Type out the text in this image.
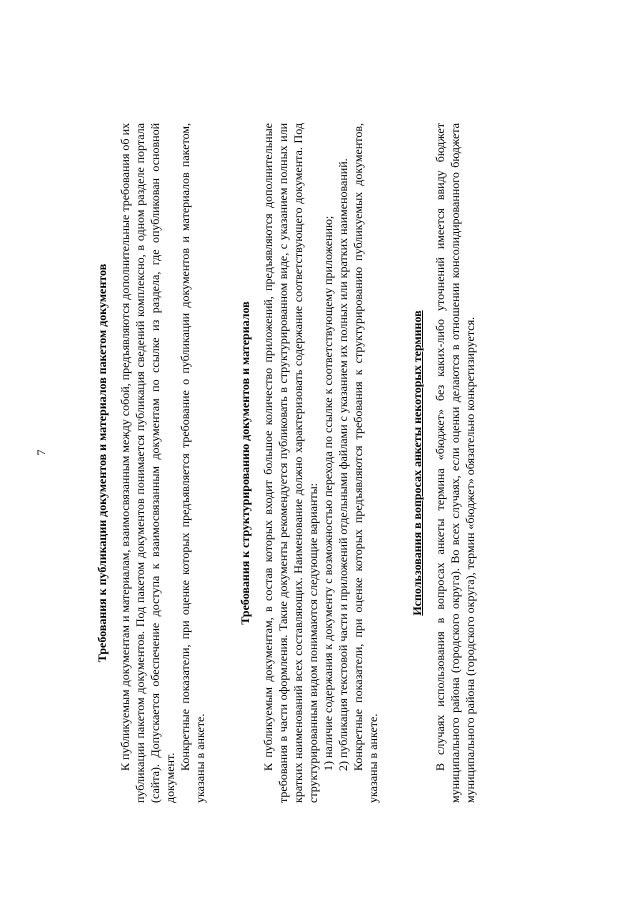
7	Требования к публикации документов и материалов пакетом документов К публикуемым документам и материалам, взаимосвязанным между собой, предъявляются дополнительные требования об их публикации пакетом документов. Под пакетом документов понимается публикация сведений комплексно, в одном разделе портала (сайта). Допускается обеспечение доступа к взаимосвязанным документам по ссылке из раздела, где опубликован основной документ.

Конкретные показатели, при оценке которых предъявляется требование о публикации документов и материалов пакетом, указаны в анкете.

Требования к структурированию документов и материалов К публикуемым документам, в состав которых входит большое количество приложений, предъявляются дополнительные требования в части оформления. Такие документы рекомендуется публиковать в структурированном виде, с указанием полных или кратких наименований всех составляющих. Наименование должно характеризовать содержание соответствующего документа. Под структурированным видом понимаются следующие варианты: 1) наличие содержания к документу с возможностью перехода по ссылке к соответствующему приложению; 2) публикация текстовой части и приложений отдельными файлами с указанием их полных или кратких наименований. Конкретные показатели, при оценке которых предъявляются требования к структурированию публикуемых документов, указаны в анкете.

Использования в вопросах анкеты некоторых терминов В случаях использования в вопросах анкеты термина «бюджет» без каких-либо уточнений имеется ввиду бюджет муниципального района (городского округа). Во всех случаях, если оценки делаются в отношении консолидированного бюджета муниципального района (городского округа), термин «бюджет» обязательно конкретизируется.
